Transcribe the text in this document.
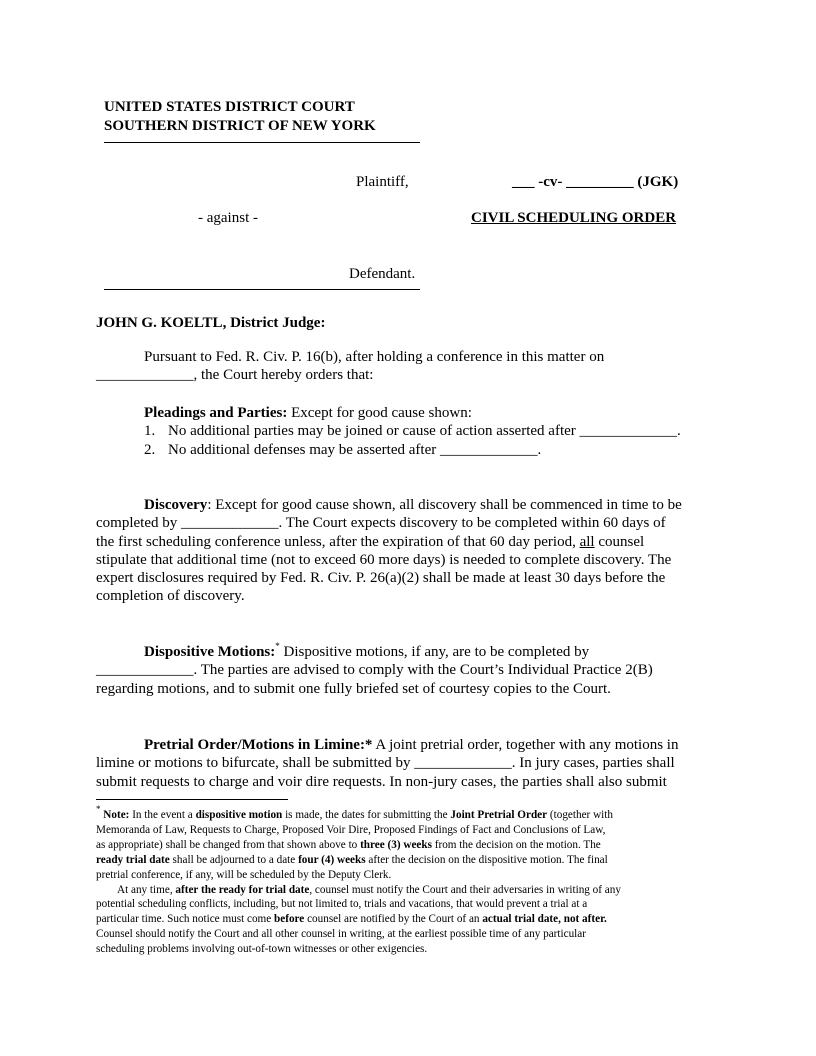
UNITED STATES DISTRICT COURT
SOUTHERN DISTRICT OF NEW YORK
Plaintiff,	___ -cv- _________ (JGK)
- against -	CIVIL SCHEDULING ORDER
Defendant.
JOHN G. KOELTL, District Judge:
Pursuant to Fed. R. Civ. P. 16(b), after holding a conference in this matter on
_____________, the Court hereby orders that:
Pleadings and Parties: Except for good cause shown:
1. No additional parties may be joined or cause of action asserted after _____________.
2. No additional defenses may be asserted after _____________.
Discovery: Except for good cause shown, all discovery shall be commenced in time to be
completed by _____________. The Court expects discovery to be completed within 60 days of
the first scheduling conference unless, after the expiration of that 60 day period, all counsel
stipulate that additional time (not to exceed 60 more days) is needed to complete discovery. The
expert disclosures required by Fed. R. Civ. P. 26(a)(2) shall be made at least 30 days before the
completion of discovery.
Dispositive Motions:* Dispositive motions, if any, are to be completed by
_____________. The parties are advised to comply with the Court’s Individual Practice 2(B)
regarding motions, and to submit one fully briefed set of courtesy copies to the Court.
Pretrial Order/Motions in Limine:* A joint pretrial order, together with any motions in
limine or motions to bifurcate, shall be submitted by _____________. In jury cases, parties shall
submit requests to charge and voir dire requests. In non-jury cases, the parties shall also submit
* Note: In the event a dispositive motion is made, the dates for submitting the Joint Pretrial Order (together with
Memoranda of Law, Requests to Charge, Proposed Voir Dire, Proposed Findings of Fact and Conclusions of Law,
as appropriate) shall be changed from that shown above to three (3) weeks from the decision on the motion. The
ready trial date shall be adjourned to a date four (4) weeks after the decision on the dispositive motion. The final
pretrial conference, if any, will be scheduled by the Deputy Clerk.
At any time, after the ready for trial date, counsel must notify the Court and their adversaries in writing of any
potential scheduling conflicts, including, but not limited to, trials and vacations, that would prevent a trial at a
particular time. Such notice must come before counsel are notified by the Court of an actual trial date, not after.
Counsel should notify the Court and all other counsel in writing, at the earliest possible time of any particular
scheduling problems involving out-of-town witnesses or other exigencies.
